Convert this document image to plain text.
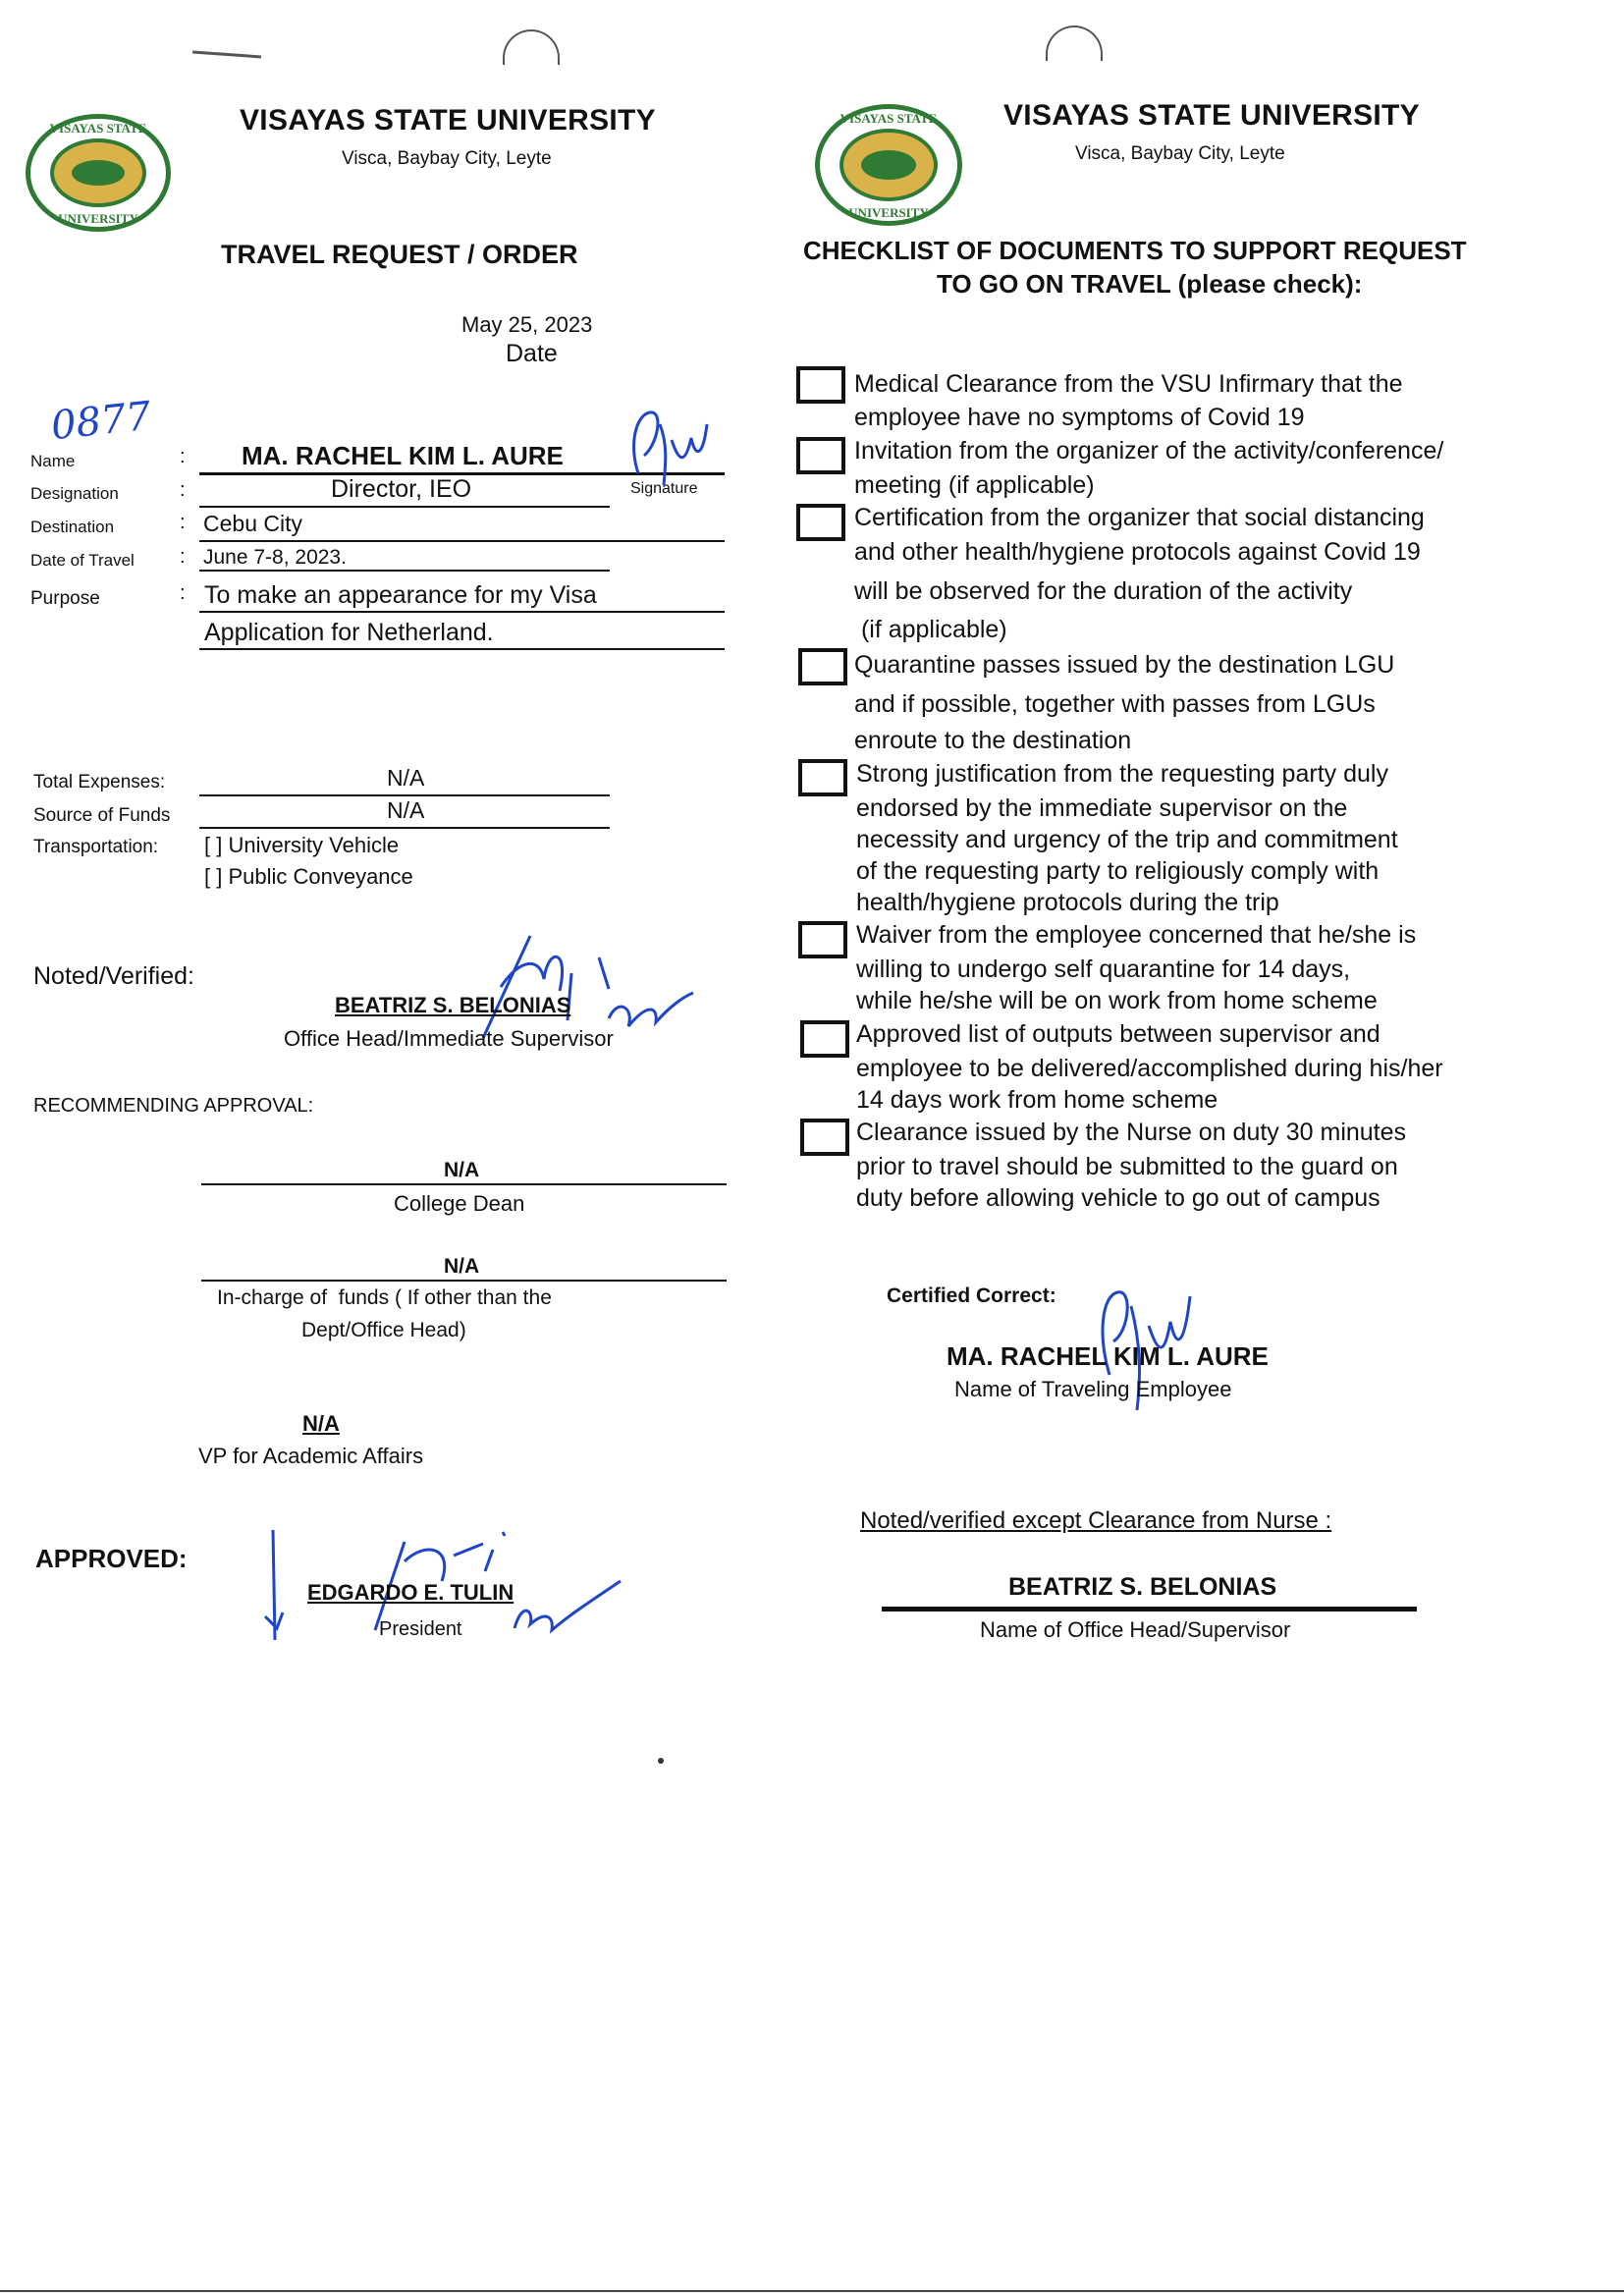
VISAYAS STATE
UNIVERSITY
VISAYAS STATE UNIVERSITY
Visca, Baybay City, Leyte
TRAVEL REQUEST / ORDER
May 25, 2023
Date
0877
Name
Designation
Destination
Date of Travel
Purpose
:
:
:
:
:
MA. RACHEL KIM L. AURE
Signature
Director, IEO
Cebu City
June 7-8, 2023.
To make an appearance for my Visa
Application for Netherland.
Total Expenses:	N/A
Source of Funds	N/A
Transportation: [ ] University Vehicle
[ ] Public Conveyance
Noted/Verified:
BEATRIZ S. BELONIAS
Office Head/Immediate Supervisor
RECOMMENDING APPROVAL:
N/A
College Dean
N/A
In-charge of  funds ( If other than the
Dept/Office Head)
N/A
VP for Academic Affairs
APPROVED:
EDGARDO E. TULIN
President
VISAYAS STATE
UNIVERSITY
VISAYAS STATE UNIVERSITY
Visca, Baybay City, Leyte
CHECKLIST OF DOCUMENTS TO SUPPORT REQUEST
TO GO ON TRAVEL (please check):
Medical Clearance from the VSU Infirmary that the
employee have no symptoms of Covid 19
Invitation from the organizer of the activity/conference/
meeting (if applicable)
Certification from the organizer that social distancing
and other health/hygiene protocols against Covid 19
will be observed for the duration of the activity
(if applicable)
Quarantine passes issued by the destination LGU
and if possible, together with passes from LGUs
enroute to the destination
Strong justification from the requesting party duly
endorsed by the immediate supervisor on the
necessity and urgency of the trip and commitment
of the requesting party to religiously comply with
health/hygiene protocols during the trip
Waiver from the employee concerned that he/she is
willing to undergo self quarantine for 14 days,
while he/she will be on work from home scheme
Approved list of outputs between supervisor and
employee to be delivered/accomplished during his/her
14 days work from home scheme
Clearance issued by the Nurse on duty 30 minutes
prior to travel should be submitted to the guard on
duty before allowing vehicle to go out of campus
Certified Correct:
MA. RACHEL KIM L. AURE
Name of Traveling Employee
Noted/verified except Clearance from Nurse :
BEATRIZ S. BELONIAS
Name of Office Head/Supervisor
